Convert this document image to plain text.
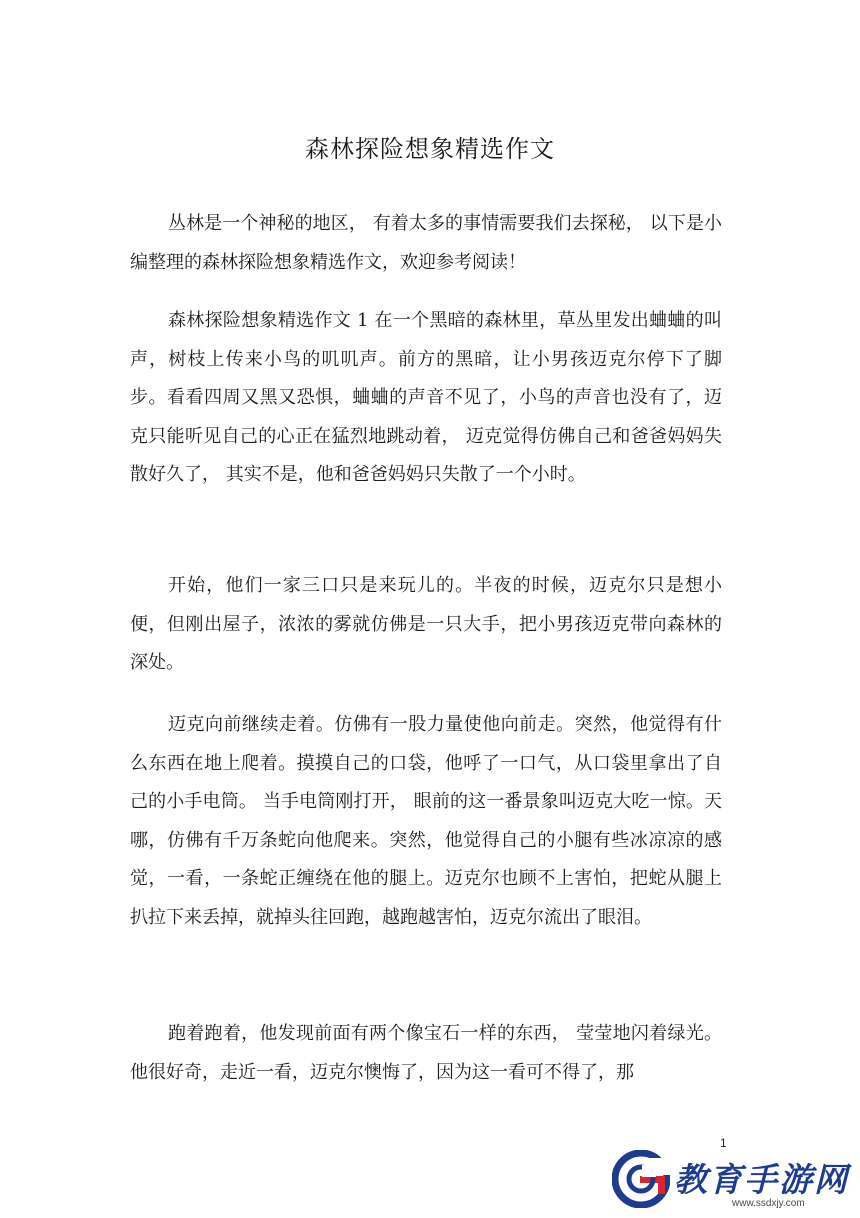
森林探险想象精选作文

丛林是一个神秘的地区， 有着太多的事情需要我们去探秘， 以下是小编整理的森林探险想象精选作文，欢迎参考阅读！

森林探险想象精选作文 1 在一个黑暗的森林里，草丛里发出蛐蛐的叫声，树枝上传来小鸟的叽叽声。前方的黑暗，让小男孩迈克尔停下了脚步。看看四周又黑又恐惧，蛐蛐的声音不见了，小鸟的声音也没有了，迈克只能听见自己的心正在猛烈地跳动着， 迈克觉得仿佛自己和爸爸妈妈失散好久了， 其实不是，他和爸爸妈妈只失散了一个小时。

开始，他们一家三口只是来玩儿的。半夜的时候，迈克尔只是想小便，但刚出屋子，浓浓的雾就仿佛是一只大手，把小男孩迈克带向森林的深处。

迈克向前继续走着。仿佛有一股力量使他向前走。突然，他觉得有什么东西在地上爬着。摸摸自己的口袋，他呼了一口气，从口袋里拿出了自己的小手电筒。 当手电筒刚打开， 眼前的这一番景象叫迈克大吃一惊。天哪，仿佛有千万条蛇向他爬来。突然，他觉得自己的小腿有些冰凉凉的感觉，一看，一条蛇正缠绕在他的腿上。迈克尔也顾不上害怕，把蛇从腿上扒拉下来丢掉，就掉头往回跑，越跑越害怕，迈克尔流出了眼泪。

跑着跑着，他发现前面有两个像宝石一样的东西， 莹莹地闪着绿光。他很好奇，走近一看，迈克尔懊悔了，因为这一看可不得了，那

1
教育手游网
www.ssdxjy.com
